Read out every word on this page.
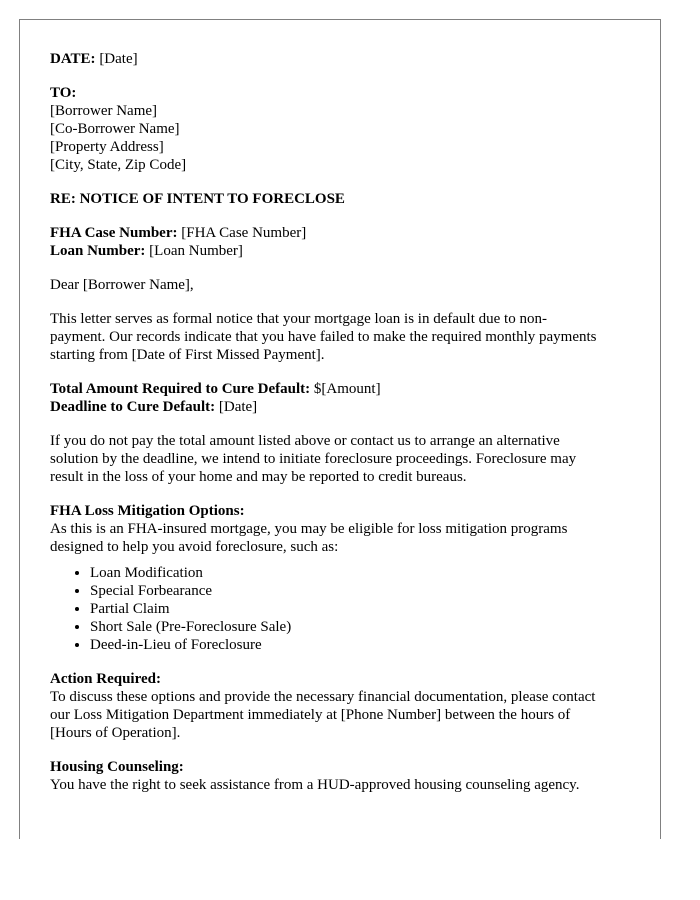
DATE: [Date]
TO:
[Borrower Name]
[Co-Borrower Name]
[Property Address]
[City, State, Zip Code]
RE: NOTICE OF INTENT TO FORECLOSE
FHA Case Number: [FHA Case Number]
Loan Number: [Loan Number]
Dear [Borrower Name],
This letter serves as formal notice that your mortgage loan is in default due to non-
payment. Our records indicate that you have failed to make the required monthly payments
starting from [Date of First Missed Payment].
Total Amount Required to Cure Default: $[Amount]
Deadline to Cure Default: [Date]
If you do not pay the total amount listed above or contact us to arrange an alternative
solution by the deadline, we intend to initiate foreclosure proceedings. Foreclosure may
result in the loss of your home and may be reported to credit bureaus.
FHA Loss Mitigation Options:
As this is an FHA-insured mortgage, you may be eligible for loss mitigation programs
designed to help you avoid foreclosure, such as:
• Loan Modification
• Special Forbearance
• Partial Claim
• Short Sale (Pre-Foreclosure Sale)
• Deed-in-Lieu of Foreclosure
Action Required:
To discuss these options and provide the necessary financial documentation, please contact
our Loss Mitigation Department immediately at [Phone Number] between the hours of
[Hours of Operation].
Housing Counseling:
You have the right to seek assistance from a HUD-approved housing counseling agency.
